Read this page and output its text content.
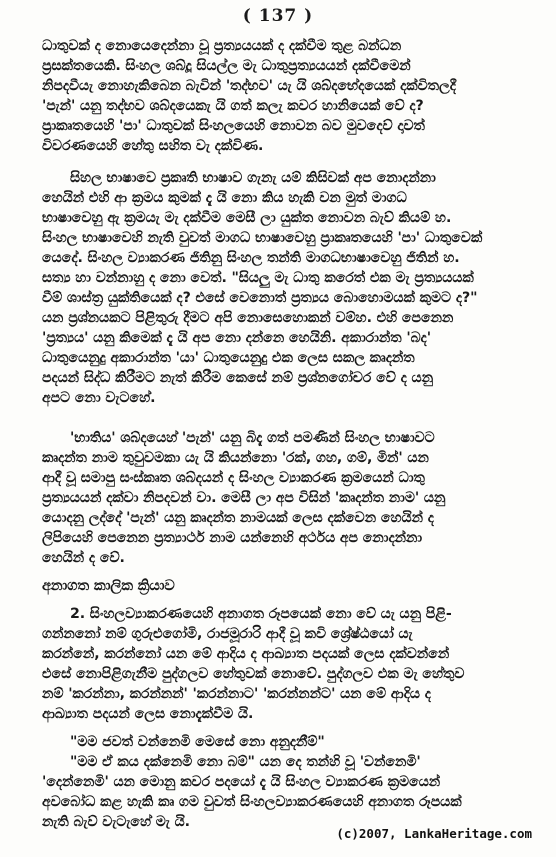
( 137 )
ධාතුවක් ද නොයෙදෙන්නා වූ ප්‍රත්‍යයයක් ද දක්වීම තුළ බන්ධන
ප්‍රසක්තයෙකි. සිංහල ශබ්දූ සියල්ල මැ ධාතුප්‍රත්‍යයයන් දක්වීමෙන්
නිපදවීයැ නොහැකිබෙන බැවින් 'තද්භව' යැ යි ශබ්දභේදයෙක් දක්විතලදී
'පැන්' යනු තද්භව ශබ්දයෙකැ යි ගත් කලැ කවර හානියෙක් වේ ද?
ප්‍රාකෘතයෙහි 'පා' ධාතුවක් සිංහලයෙහි නොවන බව මුවදෙව් දාවත්
විවරණයෙහි හේතු සහිත වැ දක්විණ.
සිහල භාෂාවෙ ප්‍රකෘති භාෂාව ගැනැ යම් කිසිවක් අප නොදන්නා
හෙයින් එහි ආ ක්‍රමය කුමක් දැ යි නො කිය හැකි වන මුත් මාගධ
භාෂාවෙහු ඇ ක්‍රමයැ මැ දක්වීම මෙසී ලා යුක්ත නොවන බැව් කියම් හ.
සිංහල භාෂාවෙහි නැති වුවත් මාගධ භාෂාවෙහු ප්‍රාකෘතයෙහි 'පා' ධාතුවෙක්
යෙදේ. සිංහල ව්‍යාකරණ ජිතිනු සිංහල තන්ති මාගධභාෂාවෙහු ජිතින් හ.
සත්‍ය හා වන්නාහු ද නො වෙත්. "සියලු මැ ධාතු කරෙත් එක මැ ප්‍රත්‍යයයක්
වීම් ශාස්ත්‍ර යුක්තියෙක් ද? එසේ වෙනොත් ප්‍රත්‍යය බොහොමයක් කුමට ද?"
යන ප්‍රශ්නයකට පිළිතුරු දීමට අපි නොසෙහොකන් වම්හ. එහි පෙනෙන
'ප්‍රත්‍යය' යනු කිමෙක් දැ යි අප නො දන්නෙ හෙයිනි. අකාරාන්ත 'බද'
ධාතුයෙනුදු අකාරාන්ත 'යා' ධාතුයෙනුදු එක ලෙස සකල කෘදන්ත
පදයන් සිද්ධ කිරීමට නැත් කිරීම කෙසේ නම් ප්‍රශ්නගෝචර වේ ද යනු
අපට නො වැටහේ.
'භාතිය' ශබ්දයෙහ් 'පැන්' යනු බිදැ ගත් පමණින් සිංහල භාෂාවට
කෘදන්ත නාම තුවුවමකා යැ යි කියන්නො 'රක්, ගහ, ගම්, මින්' යන
ආදී වූ සමාපු සංස්කෘත ශබ්දයන් ද සිංහල ව්‍යාකරණ ක්‍රමයෙන් ධාතු
ප්‍රත්‍යයයන් දක්වා නිපදවන් වා. මෙසී ලා අප විසින් 'කෘදන්ත නාම' යනු
යොදනු ලද්දේ 'පැන්' යනු කෘදන්ත නාමයක් ලෙස දක්වෙන හෙයින් ද
ලිපියෙහි පෙනෙන ප්‍රත්‍යාර්ථ නාම යන්නෙහි අර්ථය අප නොදන්නා
හෙයින් ද වේ.
අනාගත කාලික ක්‍රියාව
2. සිංහලව්‍යාකරණයෙහි අනාගත රූපයෙක් නො වේ යැ යනු පිළි-
ගන්නනෝ නම් ගුරුළුගෝමි, රාජමූරාරි ආදී වූ කවි ශ්‍රේෂ්ඨයෝ යැ
කරන්නේ, කරන්නෝ යන මේ ආදිය ද ආඛ්‍යාත පදයක් ලෙස දක්වන්නේ
එසේ නොපිළිගැනීම පුද්ගලව හේතුවක් නොවේ. පුද්ගලව එක මැ හේතුව
නම් 'කරන්නා, කරන්නන්' 'කරන්නාට' 'කරන්නන්ට' යන මේ ආදිය ද
ආඛ්‍යාත පදයන් ලෙස නොදැක්වීම යි.
"මම ජවත් වන්නෙමි මෙසේ නො අනුදනීම්"
"මම ඒ කය දක්නෙමි නො බම්" යන දෙ තන්හි වූ 'වන්නෙමි'
'දෙන්නෙමි' යන මොනු කවර පදයෝ දැ යි සිංහල ව්‍යාකරණ ක්‍රමයෙන්
අවබෝධ කළ හැකි කෘ ගම වුවත් සිංහලව්‍යාකරණයෙහි අනාගත රූපයක්
නැති බැව් වැටැහේ මැ යි.
(c)2007, LankaHeritage.com
